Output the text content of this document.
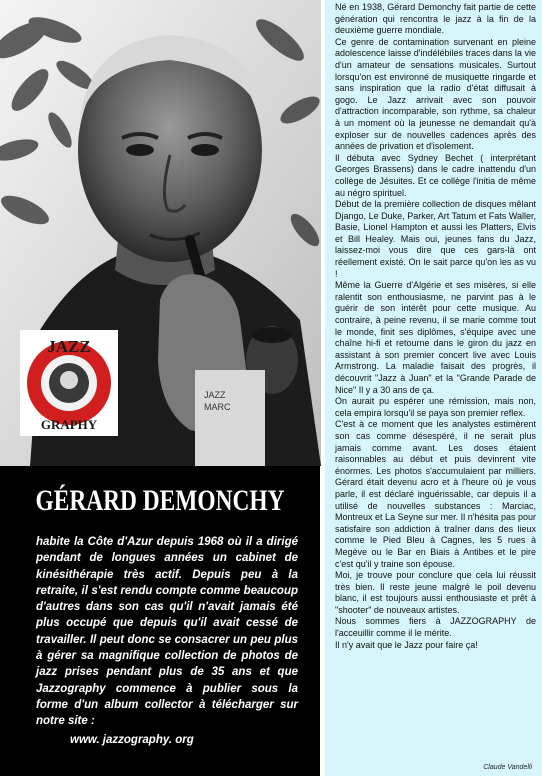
JAZZ
MARC
JAZZ
GRAPHY
GÉRARD DEMONCHY
habite la Côte d'Azur depuis 1968 où il a dirigé pendant de longues années un cabinet de kinésithérapie très actif. Depuis peu à la retraite, il s'est rendu compte comme beaucoup d'autres dans son cas qu'il n'avait jamais été plus occupé que depuis qu'il avait cessé de travailler. Il peut donc se consacrer un peu plus à gérer sa magnifique collection de photos de jazz prises pendant plus de 35 ans et que Jazzography commence à publier sous la forme d'un album collector à télécharger sur notre site :
www. jazzography. org

Né en 1938, Gérard Demonchy fait partie de cette génération qui rencontra le jazz à la fin de la deuxième guerre mondiale.

Ce genre de contamination survenant en pleine adolescence laisse d'indélébiles traces dans la vie d'un amateur de sensations musicales. Surtout lorsqu'on est environné de musiquette ringarde et sans inspiration que la radio d'état diffusait à gogo. Le Jazz arrivait avec son pouvoir d'attraction incomparable, son rythme, sa chaleur à un moment où la jeunesse ne demandait qu'à exploser sur de nouvelles cadences après des années de privation et d'isolement.

Il débuta avec Sydney Bechet ( interprétant Georges Brassens) dans le cadre inattendu d'un collège de Jésuites. Et ce collège l'initia de même au négro spirituel.

Début de la première collection de disques mêlant Django, Le Duke, Parker, Art Tatum et Fats Waller, Basie, Lionel Hampton et aussi les Platters, Elvis et Bill Healey. Mais oui, jeunes fans du Jazz, laissez-moi vous dire que ces gars-là ont réellement existé. On le sait parce qu'on les as vu !

Même la Guerre d'Algérie et ses misères, si elle ralentit son enthousiasme, ne parvint pas à le guérir de son intérêt pour cette musique. Au contraire, à peine revenu, il se marie comme tout le monde, finit ses diplômes, s'équipe avec une chaîne hi-fi et retourne dans le giron du jazz en assistant à son premier concert live avec Louis Armstrong. La maladie faisait des progrès, il découvrit "Jazz à Juan" et la "Grande Parade de Nice" Il y a 30 ans de ça.

On aurait pu espérer une rémission, mais non, cela empira lorsqu'il se paya son premier reflex.

C'est à ce moment que les analystes estimèrent son cas comme désespéré, il ne serait plus jamais comme avant. Les doses étaient raisonnables au début et puis devinrent vite énormes. Les photos s'accumulaient par milliers. Gérard était devenu acro et à l'heure où je vous parle, il est déclaré inguérissable, car depuis il a utilisé de nouvelles substances : Marciac, Montreux et La Seyne sur mer. Il n'hésita pas pour satisfaire son addiction à traîner dans des lieux comme le Pied Bleu à Cagnes, les 5 rues à Megève ou le Bar en Biais à Antibes et le pire c'est qu'il y traine son épouse.

Moi, je trouve pour conclure que cela lui réussit très bien. Il reste jeune malgré le poil devenu blanc, il est toujours aussi enthousiaste et prêt à "shooter" de nouveaux artistes.

Nous sommes fiers à JAZZOGRAPHY de l'acceuillir comme il le mérite.

Il n'y avait que le Jazz pour faire ça!

Claude Vandelli
